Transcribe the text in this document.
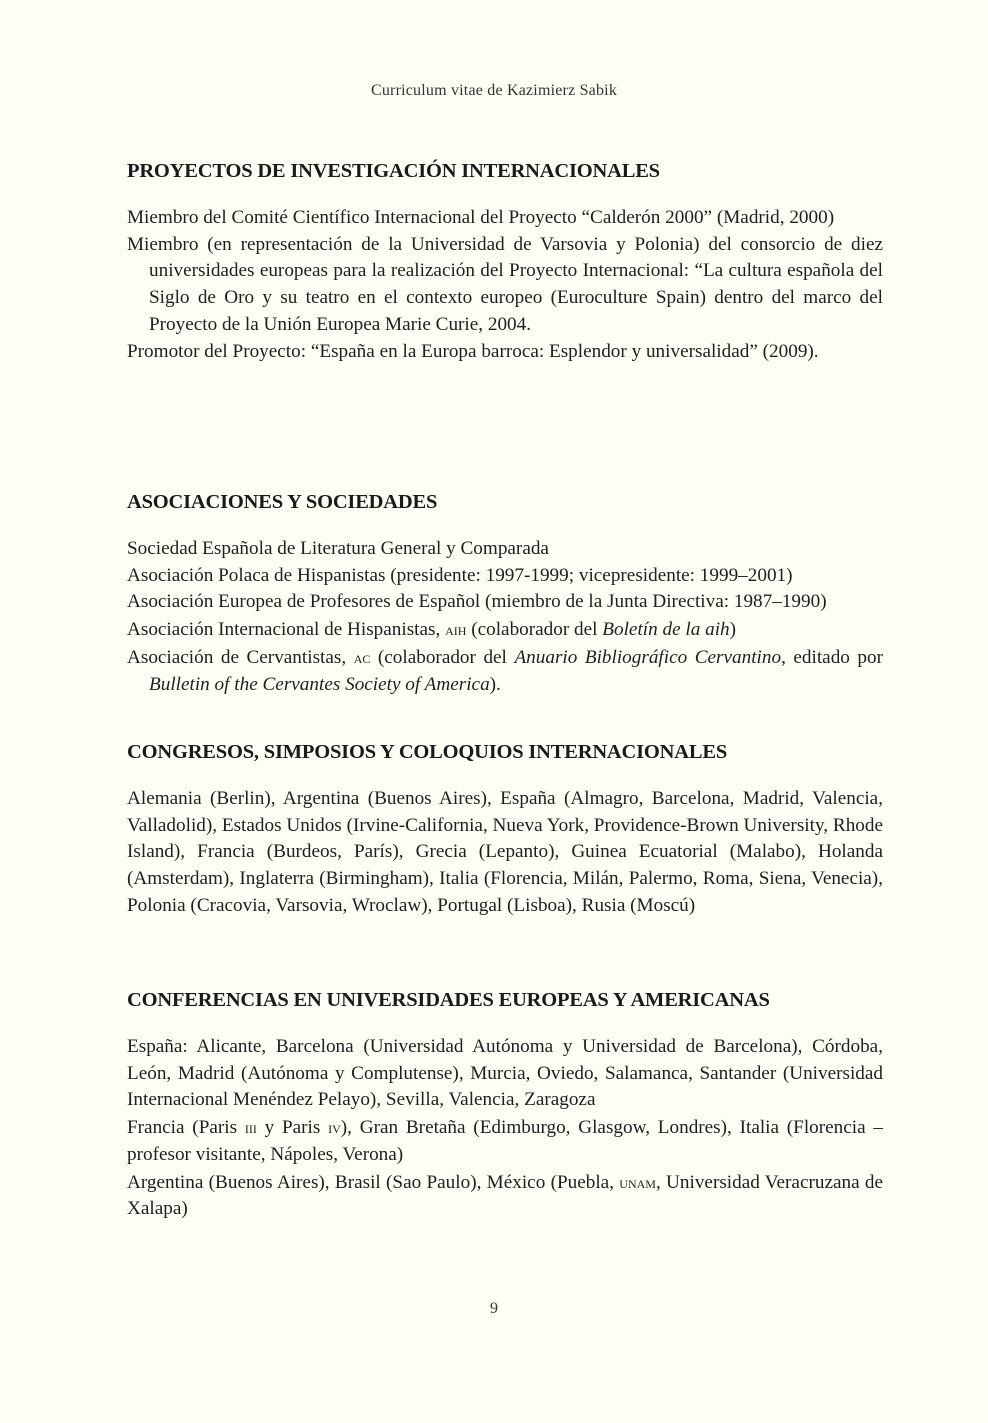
Curriculum vitae de Kazimierz Sabik
PROYECTOS DE INVESTIGACIÓN INTERNACIONALES
Miembro del Comité Científico Internacional del Proyecto “Calderón 2000” (Madrid, 2000)
Miembro (en representación de la Universidad de Varsovia y Polonia) del consorcio de diez universidades europeas para la realización del Proyecto Internacional: “La cultura española del Siglo de Oro y su teatro en el contexto europeo (Euroculture Spain) dentro del marco del Proyecto de la Unión Europea Marie Curie, 2004.
Promotor del Proyecto: “España en la Europa barroca: Esplendor y universalidad” (2009).
ASOCIACIONES Y SOCIEDADES
Sociedad Española de Literatura General y Comparada
Asociación Polaca de Hispanistas (presidente: 1997-1999; vicepresidente: 1999–2001)
Asociación Europea de Profesores de Español (miembro de la Junta Directiva: 1987–1990)
Asociación Internacional de Hispanistas, aih (colaborador del Boletín de la aih)
Asociación de Cervantistas, ac (colaborador del Anuario Bibliográfico Cervantino, editado por Bulletin of the Cervantes Society of America).
CONGRESOS, SIMPOSIOS Y COLOQUIOS INTERNACIONALES
Alemania (Berlin), Argentina (Buenos Aires), España (Almagro, Barcelona, Madrid, Valencia, Valladolid), Estados Unidos (Irvine-California, Nueva York, Providence-Brown University, Rhode Island), Francia (Burdeos, París), Grecia (Lepanto), Guinea Ecuatorial (Malabo), Holanda (Amsterdam), Inglaterra (Birmingham), Italia (Florencia, Milán, Palermo, Roma, Siena, Venecia), Polonia (Cracovia, Varsovia, Wroclaw), Portugal (Lisboa), Rusia (Moscú)
CONFERENCIAS EN UNIVERSIDADES EUROPEAS Y AMERICANAS
España: Alicante, Barcelona (Universidad Autónoma y Universidad de Barcelona), Córdoba, León, Madrid (Autónoma y Complutense), Murcia, Oviedo, Salamanca, Santander (Universidad Internacional Menéndez Pelayo), Sevilla, Valencia, Zaragoza
Francia (Paris iii y Paris iv), Gran Bretaña (Edimburgo, Glasgow, Londres), Italia (Florencia – profesor visitante, Nápoles, Verona)
Argentina (Buenos Aires), Brasil (Sao Paulo), México (Puebla, unam, Universidad Veracruzana de Xalapa)
9
